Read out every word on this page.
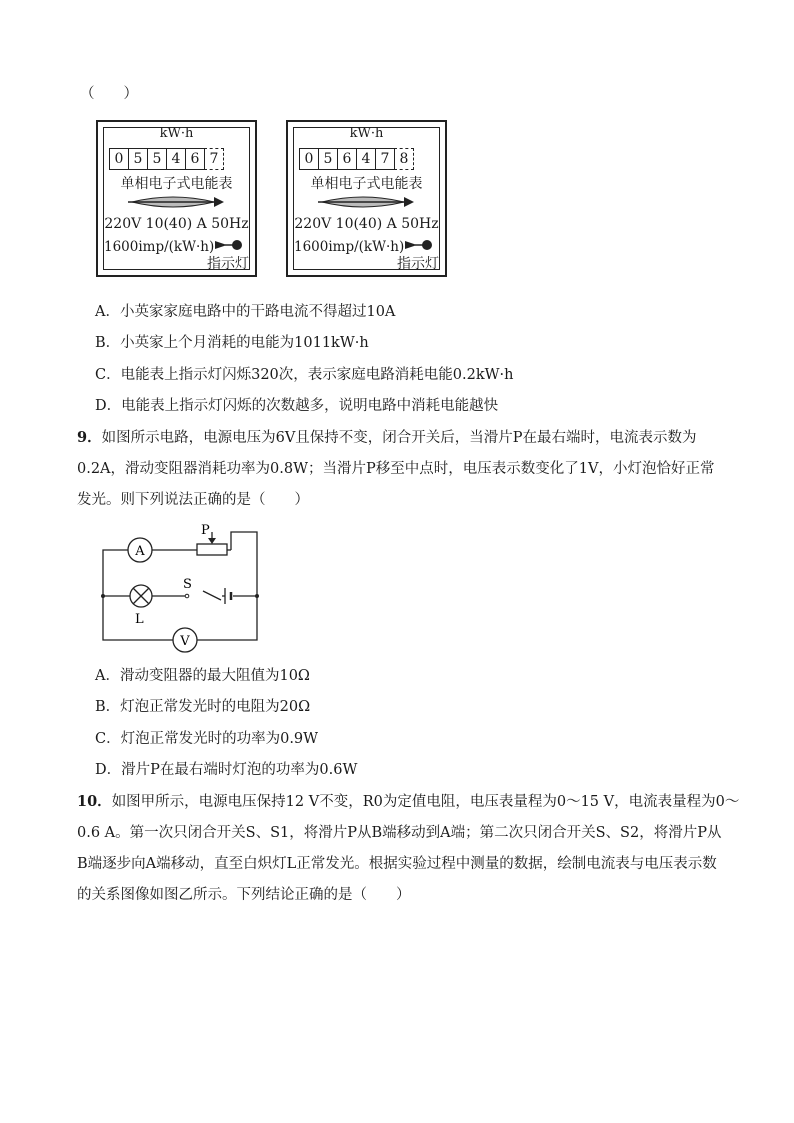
（　　）
kW·h
0 5 5 4 6 7
单相电子式电能表
220V 10(40) A 50Hz
1600imp/(kW·h)
指示灯
kW·h
0 5 6 4 7 8
单相电子式电能表
220V 10(40) A 50Hz
1600imp/(kW·h)
指示灯
A．小英家家庭电路中的干路电流不得超过10A
B．小英家上个月消耗的电能为1011kW·h
C．电能表上指示灯闪烁320次，表示家庭电路消耗电能0.2kW·h
D．电能表上指示灯闪烁的次数越多，说明电路中消耗电能越快
9．如图所示电路，电源电压为6V且保持不变，闭合开关后，当滑片P在最右端时，电流表示数为
0.2A，滑动变阻器消耗功率为0.8W；当滑片P移至中点时，电压表示数变化了1V，小灯泡恰好正常
发光。则下列说法正确的是（　　）
A
P
L
S
V
A．滑动变阻器的最大阻值为10Ω
B．灯泡正常发光时的电阻为20Ω
C．灯泡正常发光时的功率为0.9W
D．滑片P在最右端时灯泡的功率为0.6W
10．如图甲所示，电源电压保持12 V不变，R0为定值电阻，电压表量程为0～15 V，电流表量程为0～
0.6 A。第一次只闭合开关S、S1，将滑片P从B端移动到A端；第二次只闭合开关S、S2，将滑片P从
B端逐步向A端移动，直至白炽灯L正常发光。根据实验过程中测量的数据，绘制电流表与电压表示数
的关系图像如图乙所示。下列结论正确的是（　　）
